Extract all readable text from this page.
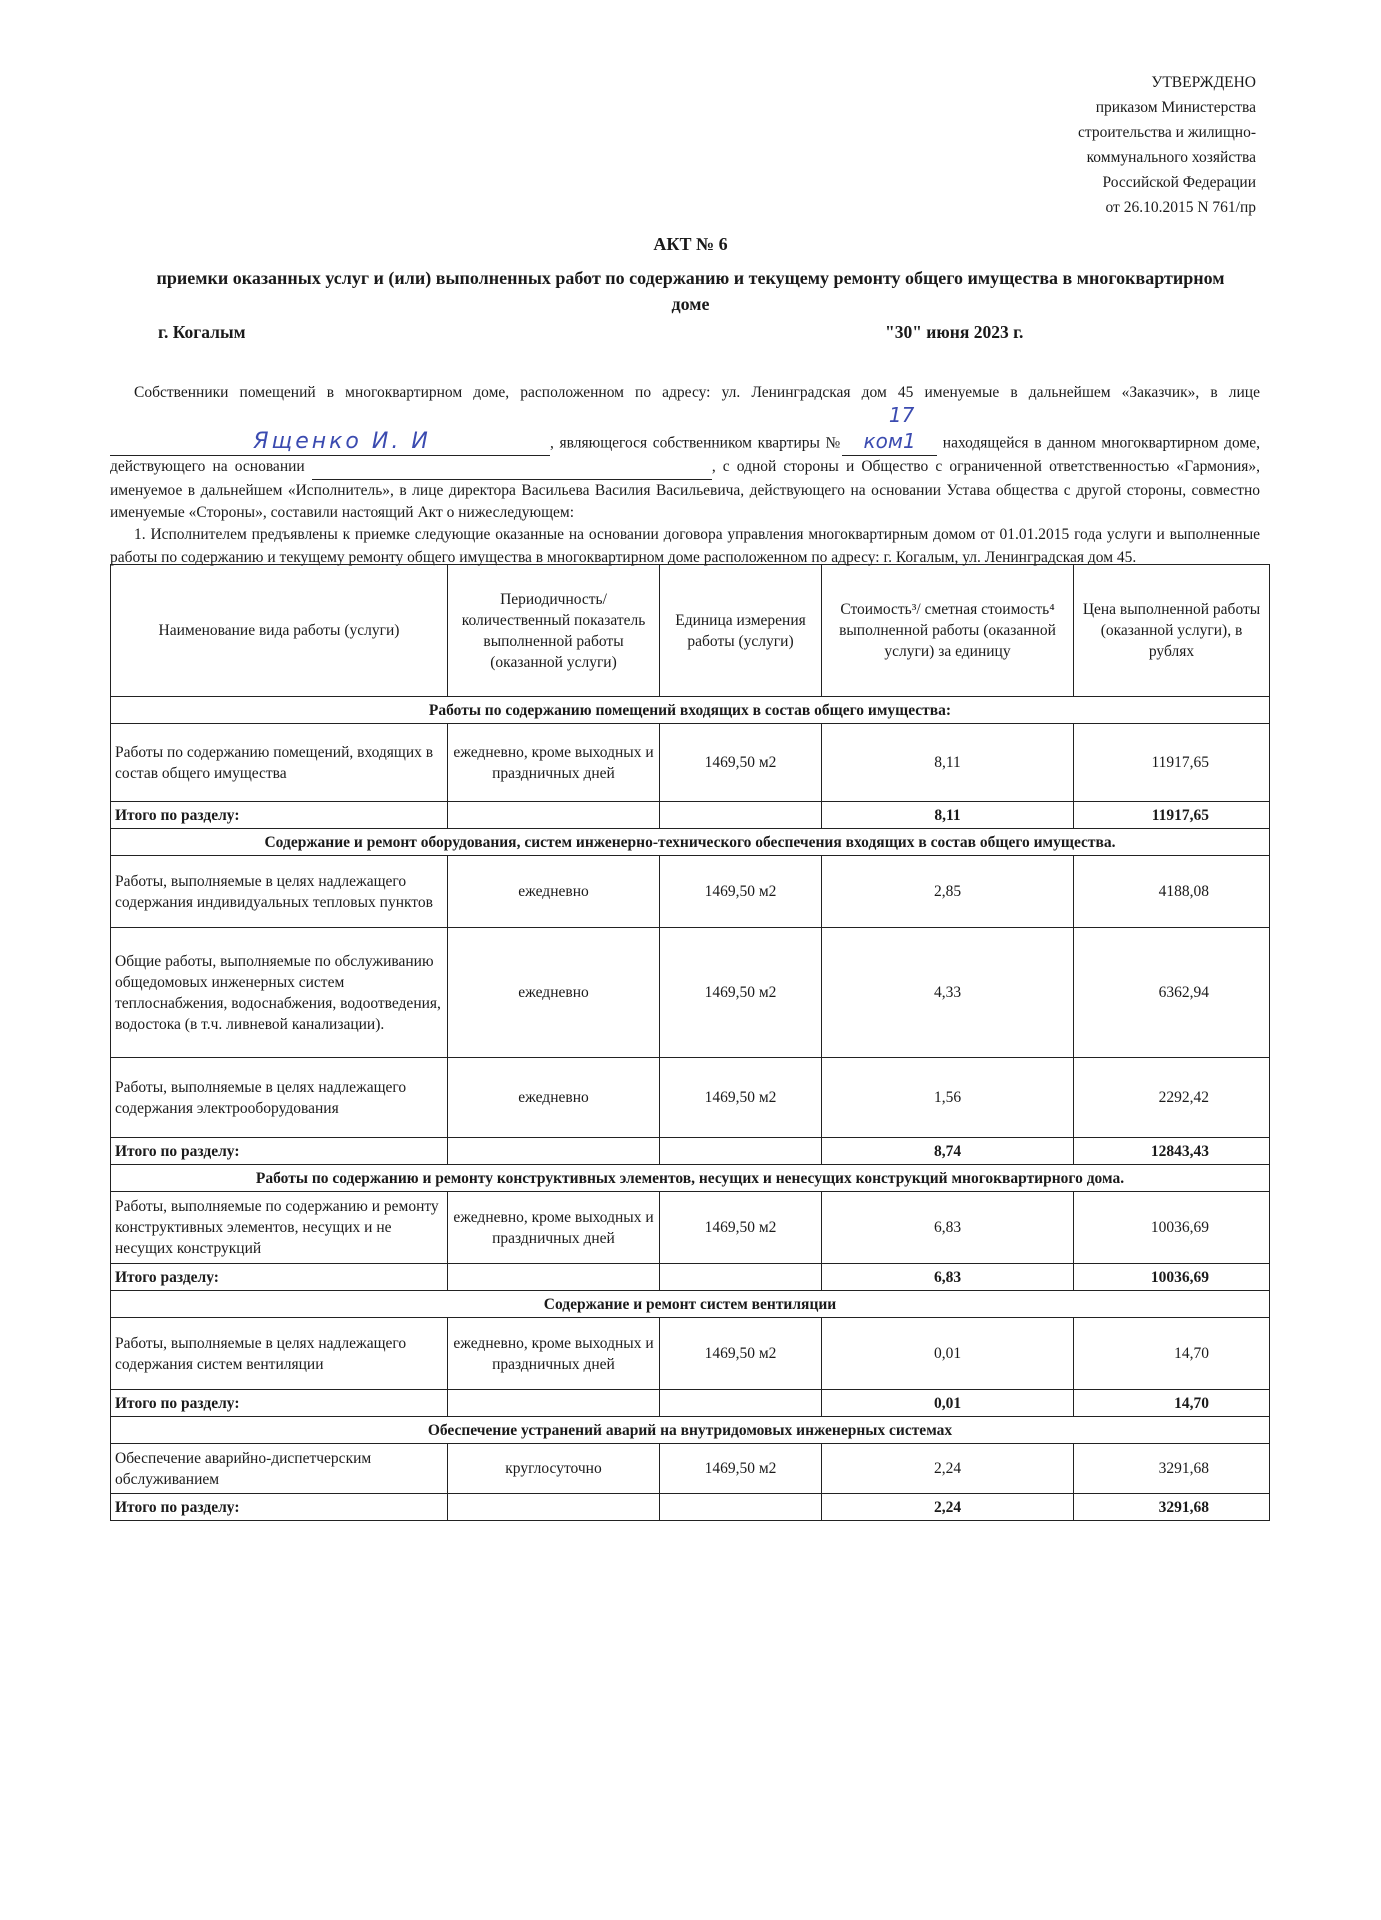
УТВЕРЖДЕНО
приказом Министерства
строительства и жилищно-
коммунального хозяйства
Российской Федерации
от 26.10.2015 N 761/пр
АКТ № 6
приемки оказанных услуг и (или) выполненных работ по содержанию и текущему ремонту общего имущества в многоквартирном доме
г. Когалым	"30" июня 2023 г.

Собственники помещений в многоквартирном доме, расположенном по адресу: ул. Ленинградская дом 45 именуемые в дальнейшем «Заказчик», в лице Ященко И. И	, являющегося собственником квартиры №17 ком1 находящейся в данном многоквартирном доме, действующего на основании	, с одной стороны и Общество с ограниченной ответственностью «Гармония», именуемое в дальнейшем «Исполнитель», в лице директора Васильева Василия Васильевича, действующего на основании Устава общества с другой стороны, совместно именуемые «Стороны», составили настоящий Акт о нижеследующем:

1. Исполнителем предъявлены к приемке следующие оказанные на основании договора управления многоквартирным домом от 01.01.2015 года услуги и выполненные работы по содержанию и текущему ремонту общего имущества в многоквартирном доме расположенном по адресу: г. Когалым, ул. Ленинградская дом 45.

Наименование вида работы (услуги)	Периодичность/ количественный показатель выполненной работы (оказанной услуги)	Единица измерения работы (услуги)	Стоимость³/ сметная стоимость⁴ выполненной работы (оказанной услуги) за единицу	Цена выполненной работы (оказанной услуги), в рублях
Работы по содержанию помещений входящих в состав общего имущества:				
Работы по содержанию помещений, входящих в состав общего имущества	ежедневно, кроме выходных и праздничных дней	1469,50 м2	8,11	11917,65
Итого по разделу:			8,11	11917,65
Содержание и ремонт оборудования, систем инженерно-технического обеспечения входящих в состав общего имущества.				
Работы, выполняемые в целях надлежащего содержания индивидуальных тепловых пунктов	ежедневно	1469,50 м2	2,85	4188,08
Общие работы, выполняемые по обслуживанию общедомовых инженерных систем теплоснабжения, водоснабжения, водоотведения, водостока (в т.ч. ливневой канализации).	ежедневно	1469,50 м2	4,33	6362,94
Работы, выполняемые в целях надлежащего содержания электрооборудования	ежедневно	1469,50 м2	1,56	2292,42
Итого по разделу:			8,74	12843,43
Работы по содержанию и ремонту конструктивных элементов, несущих и ненесущих конструкций многоквартирного дома.				
Работы, выполняемые по содержанию и ремонту конструктивных элементов, несущих и не несущих конструкций	ежедневно, кроме выходных и праздничных дней	1469,50 м2	6,83	10036,69
Итого разделу:			6,83	10036,69
Содержание и ремонт систем вентиляции				
Работы, выполняемые в целях надлежащего содержания систем вентиляции	ежедневно, кроме выходных и праздничных дней	1469,50 м2	0,01	14,70
Итого по разделу:			0,01	14,70
Обеспечение устранений аварий на внутридомовых инженерных системах				
Обеспечение аварийно-диспетчерским обслуживанием	круглосуточно	1469,50 м2	2,24	3291,68
Итого по разделу:			2,24	3291,68
